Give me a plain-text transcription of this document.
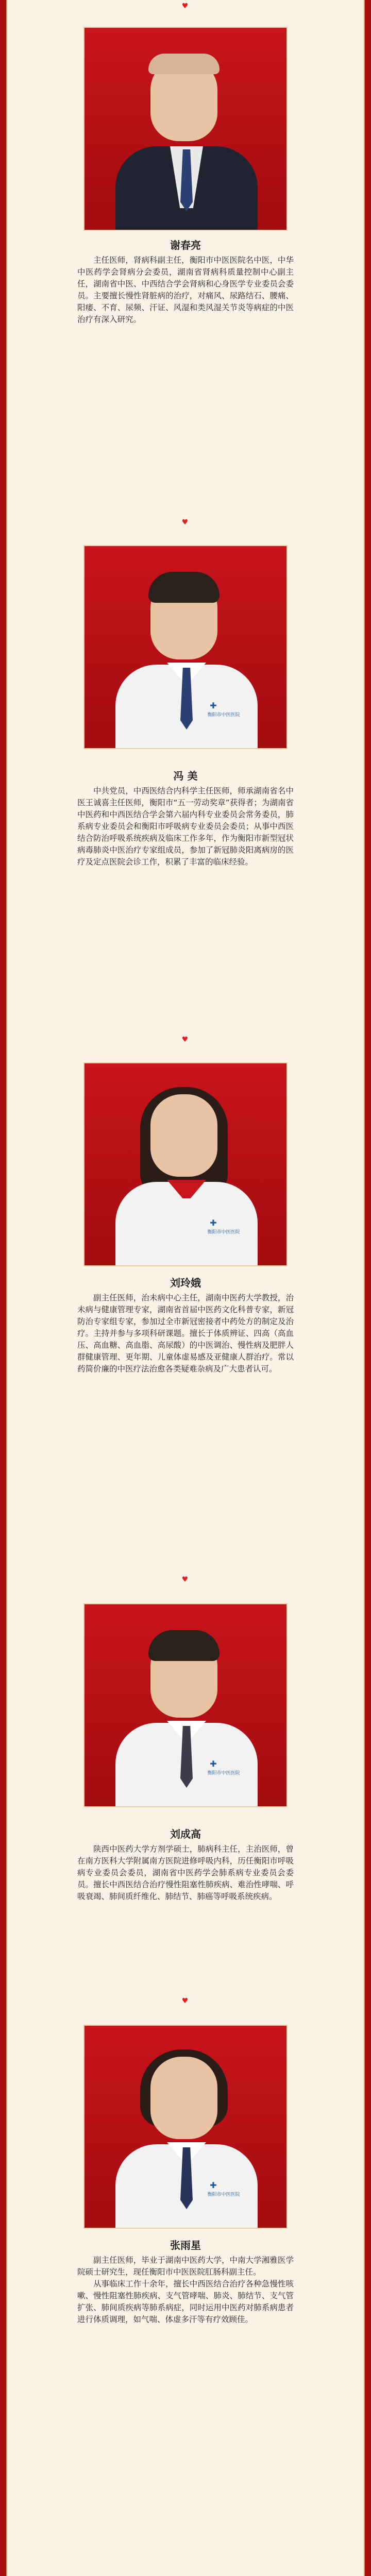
♥
谢春亮

主任医师，肾病科副主任，衡阳市中医医院名中医，中华中医药学会肾病分会委员，湖南省肾病科质量控制中心副主任，湖南省中医、中西结合学会肾病和心身医学专业委员会委员。主要擅长慢性肾脏病的治疗，对痛风、尿路结石、腰痛、阳痿、不育、尿频、汗证、风湿和类风湿关节炎等病症的中医治疗有深入研究。

♥
✚
衡阳市中医医院
冯 美

中共党员，中西医结合内科学主任医师，师承湖南省名中医王诚喜主任医师，衡阳市“五一劳动奖章”获得者；为湖南省中医药和中西医结合学会第六届内科专业委员会常务委员，肺系病专业委员会和衡阳市呼吸病专业委员会委员；从事中西医结合防治呼吸系统疾病及临床工作多年，作为衡阳市新型冠状病毒肺炎中医治疗专家组成员，参加了新冠肺炎阳离病房的医疗及定点医院会诊工作，积累了丰富的临床经验。

♥
✚
衡阳市中医医院
刘玲娥

副主任医师，治未病中心主任，湖南中医药大学教授，治未病与健康管理专家，湖南省首届中医药文化科普专家，新冠防治专家组专家，参加过全市新冠密接者中药处方的制定及治疗。主持并参与多项科研课题。擅长于体质辨证、四高（高血压、高血糖、高血脂、高尿酸）的中医调治、慢性病及肥胖人群健康管理、更年期、儿童体虚易感及亚健康人群治疗。常以药简价廉的中医疗法治愈各类疑难杂病及广大患者认可。

♥
✚
衡阳市中医医院
刘成高

陕西中医药大学方剂学硕士，肺病科主任，主治医师，曾在南方医科大学附属南方医院进修呼吸内科，历任衡阳市呼吸病专业委员会委员，湖南省中医药学会肺系病专业委员会委员。擅长中西医结合治疗慢性阻塞性肺疾病、难治性哮喘、呼吸衰竭、肺间质纤维化、肺结节、肺癌等呼吸系统疾病。

♥
✚
衡阳市中医医院
张雨星

副主任医师，毕业于湖南中医药大学，中南大学湘雅医学院硕士研究生，现任衡阳市中医医院肛肠科副主任。

从事临床工作十余年，擅长中西医结合治疗各种急慢性咳嗽、慢性阻塞性肺疾病、支气管哮喘、肺炎、肺结节、支气管扩张、肺间质疾病等肺系病症，同时运用中医药对肺系病患者进行体质调理，如气喘、体虚多汗等有疗效顾佳。
